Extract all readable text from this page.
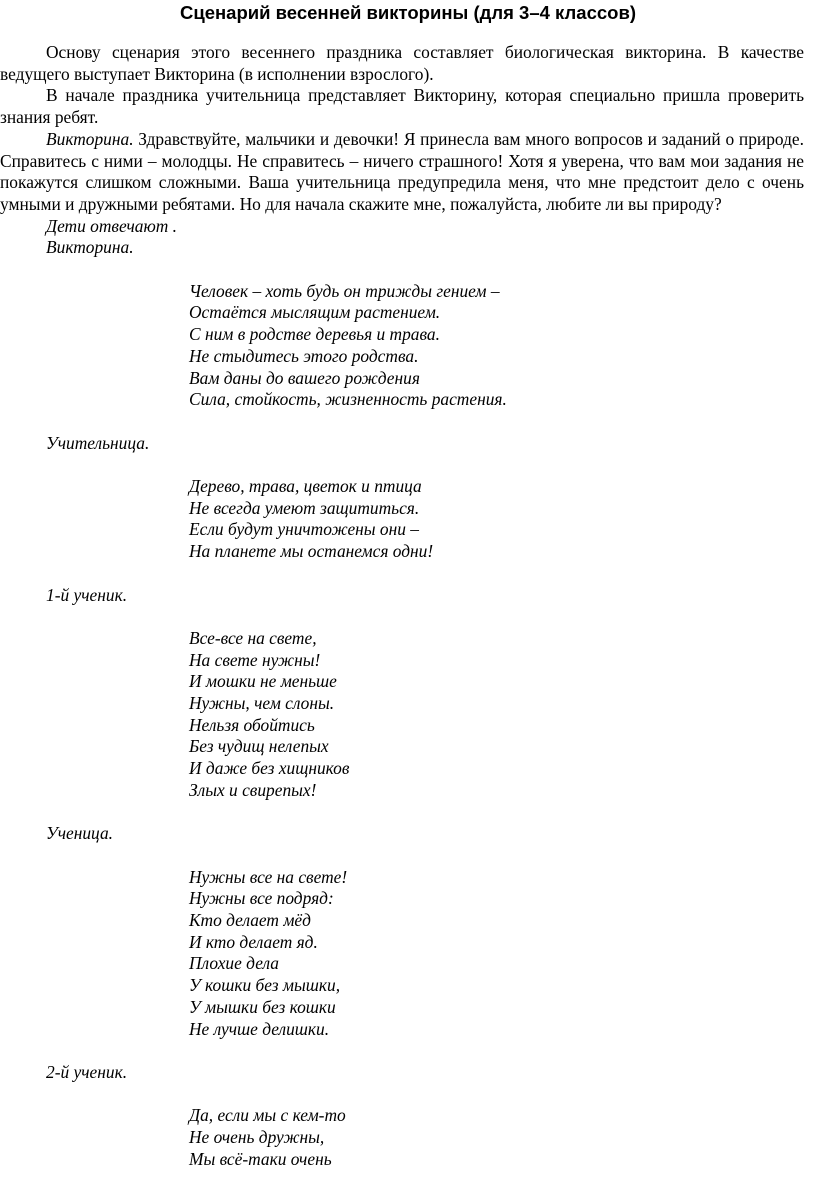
Сценарий весенней викторины (для 3–4 классов)

Основу сценария этого весеннего праздника составляет биологическая викторина. В качестве ведущего выступает Викторина (в исполнении взрослого).

В начале праздника учительница представляет Викторину, которая специально пришла проверить знания ребят.

Викторина. Здравствуйте, мальчики и девочки! Я принесла вам много вопросов и заданий о природе. Справитесь с ними – молодцы. Не справитесь – ничего страшного! Хотя я уверена, что вам мои задания не покажутся слишком сложными. Ваша учительница предупредила меня, что мне предстоит дело с очень умными и дружными ребятами. Но для начала скажите мне, пожалуйста, любите ли вы природу?

Дети отвечают .

Викторина.

Человек – хоть будь он трижды гением –
Остаётся мыслящим растением.
С ним в родстве деревья и трава.
Не стыдитесь этого родства.
Вам даны до вашего рождения
Сила, стойкость, жизненность растения.

Учительница.

Дерево, трава, цветок и птица
Не всегда умеют защититься.
Если будут уничтожены они –
На планете мы останемся одни!

1-й ученик.

Все-все на свете,
На свете нужны!
И мошки не меньше
Нужны, чем слоны.
Нельзя обойтись
Без чудищ нелепых
И даже без хищников
Злых и свирепых!

Ученица.

Нужны все на свете!
Нужны все подряд:
Кто делает мёд
И кто делает яд.
Плохие дела
У кошки без мышки,
У мышки без кошки
Не лучше делишки.

2-й ученик.

Да, если мы с кем-то
Не очень дружны,
Мы всё-таки очень
